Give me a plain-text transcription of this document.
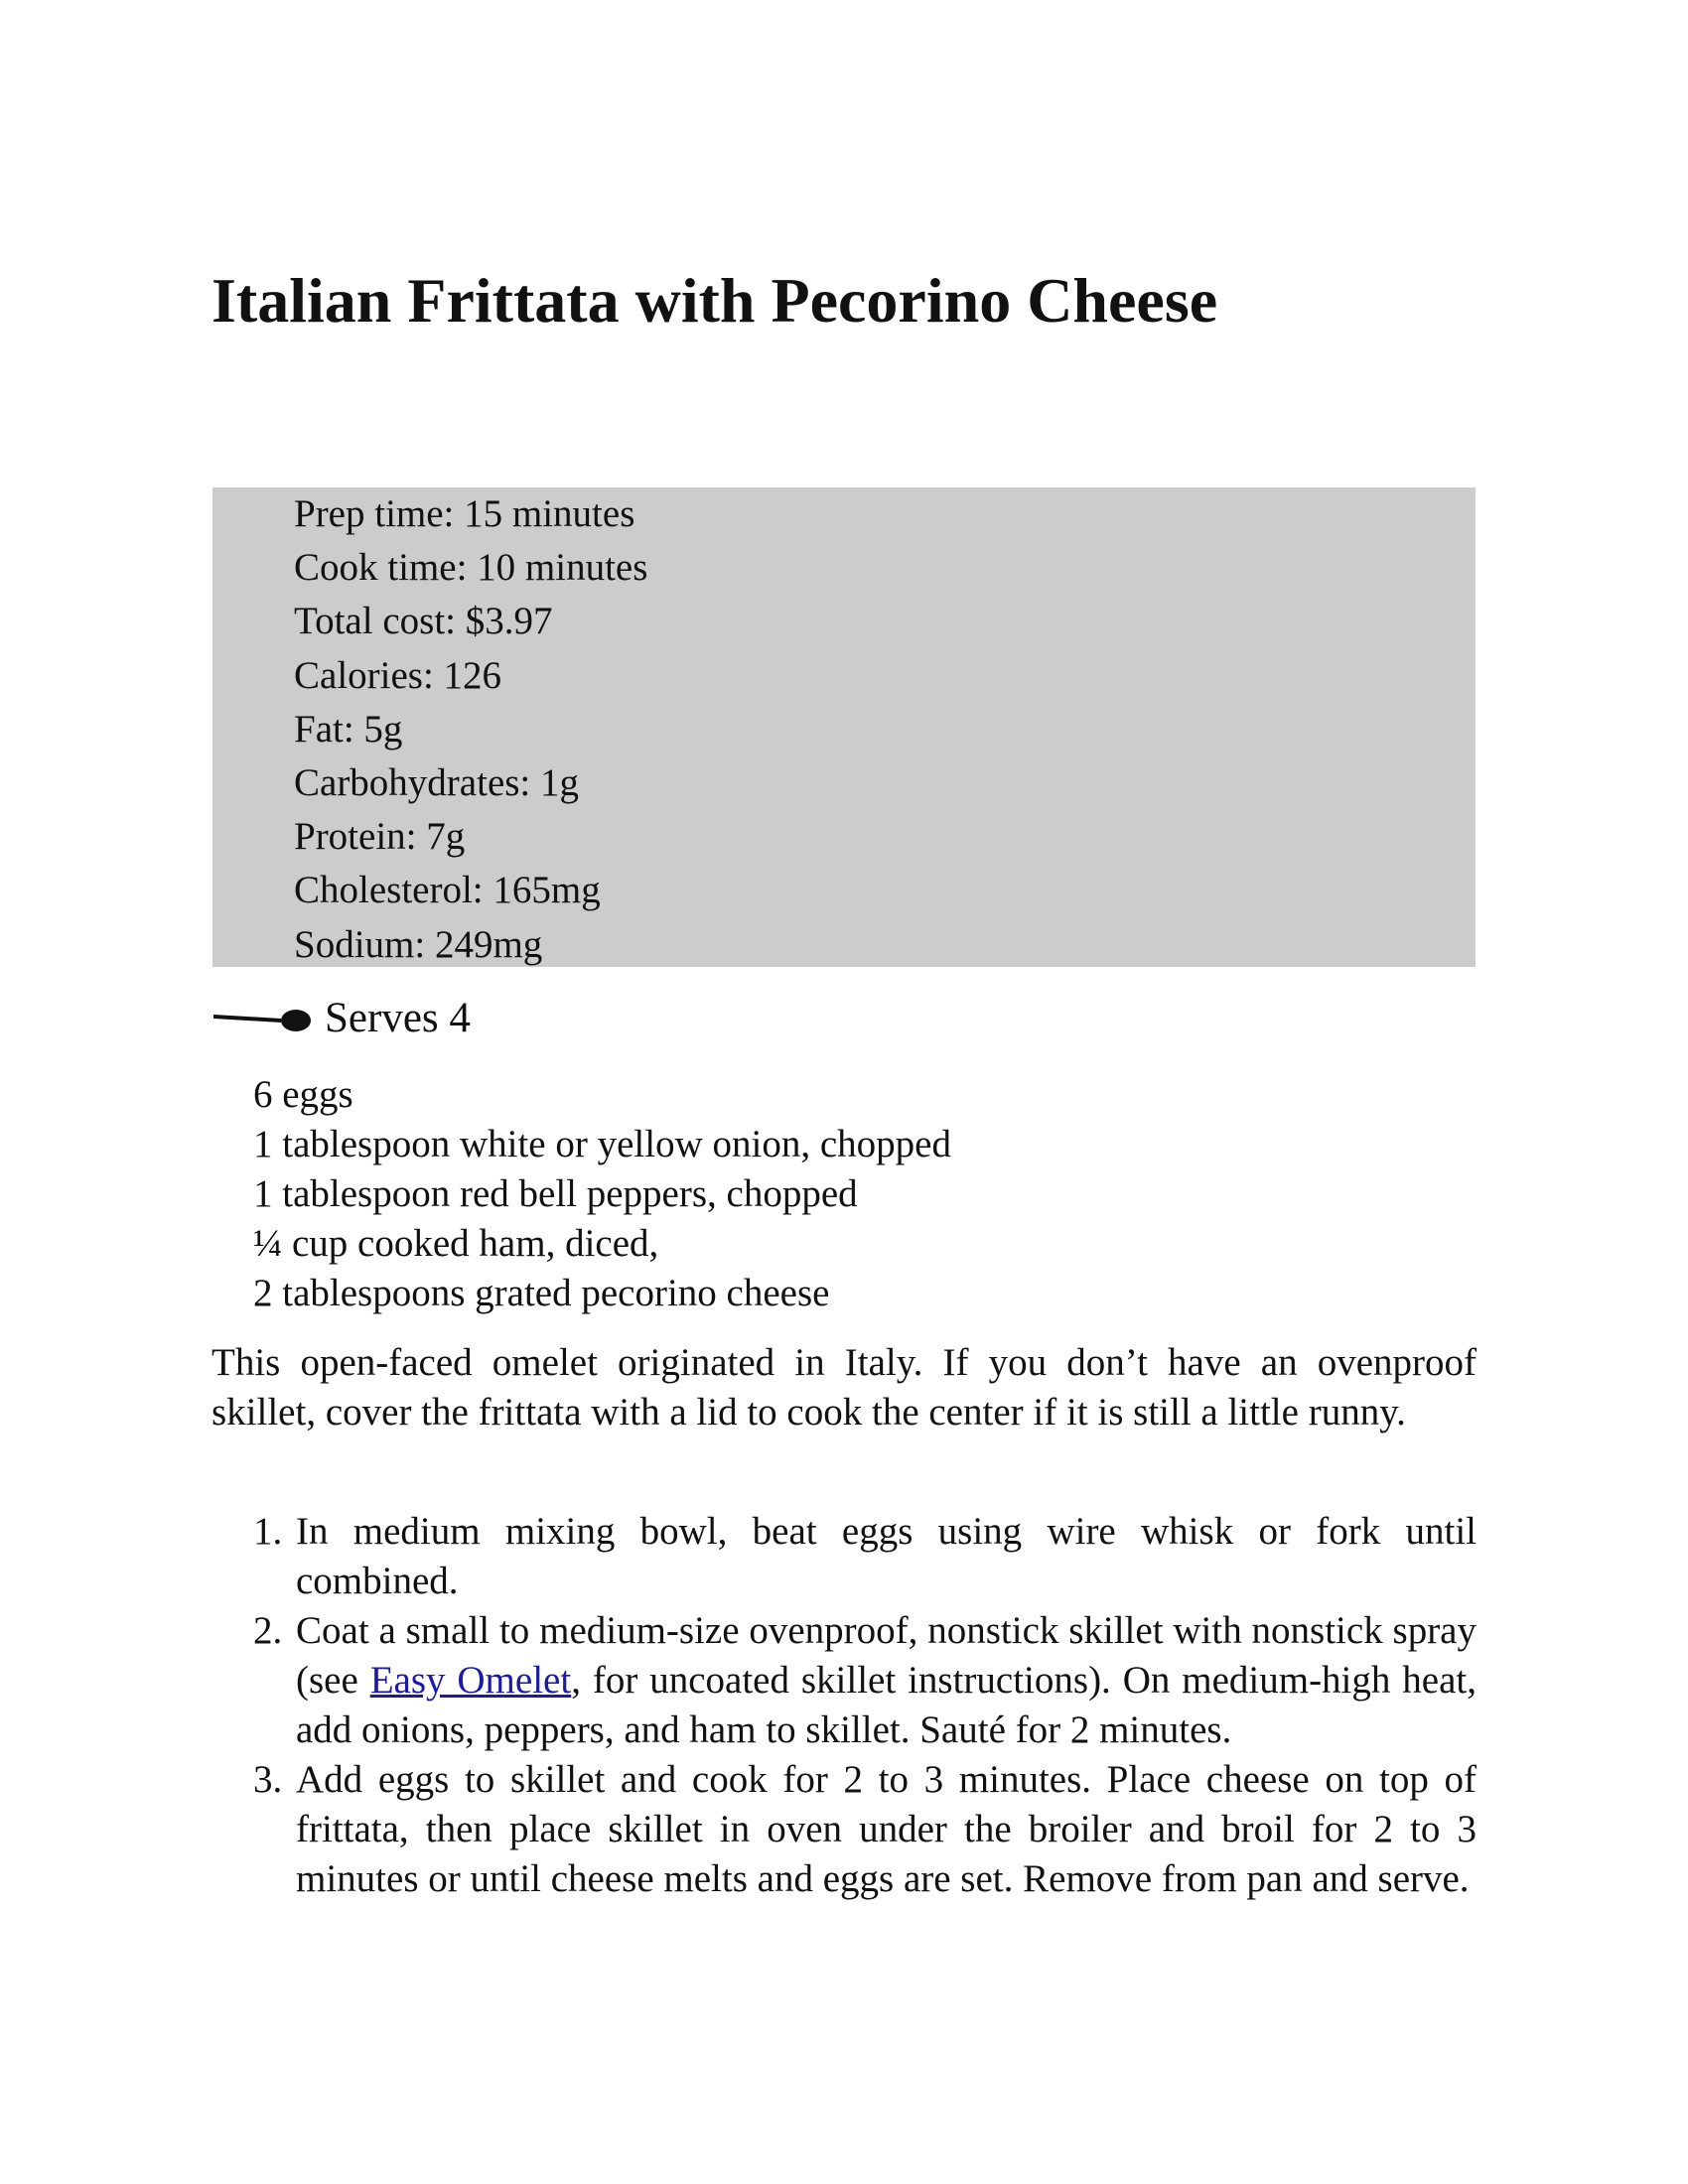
Italian Frittata with Pecorino Cheese
Prep time: 15 minutes
Cook time: 10 minutes
Total cost: $3.97
Calories: 126
Fat: 5g
Carbohydrates: 1g
Protein: 7g
Cholesterol: 165mg
Sodium: 249mg
Serves 4
6 eggs
1 tablespoon white or yellow onion, chopped
1 tablespoon red bell peppers, chopped
¼ cup cooked ham, diced,
2 tablespoons grated pecorino cheese

This open-faced omelet originated in Italy. If you don’t have an ovenproof skillet, cover the frittata with a lid to cook the center if it is still a little runny.

1. In medium mixing bowl, beat eggs using wire whisk or fork until combined.
2. Coat a small to medium-size ovenproof, nonstick skillet with nonstick spray (see Easy Omelet, for uncoated skillet instructions). On medium-high heat, add onions, peppers, and ham to skillet. Sauté for 2 minutes.
3. Add eggs to skillet and cook for 2 to 3 minutes. Place cheese on top of frittata, then place skillet in oven under the broiler and broil for 2 to 3 minutes or until cheese melts and eggs are set. Remove from pan and serve.
